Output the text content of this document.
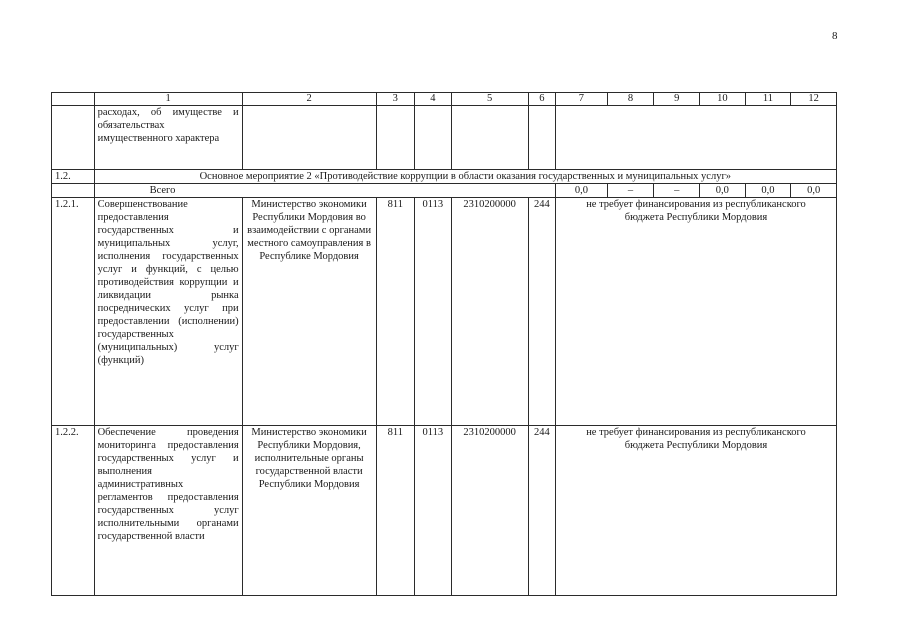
8
	1	2	3	4	5	6	7	8	9	10	11	12
	расходах, об имуществе и обязательствах имущественного характера											
1.2.	Основное мероприятие 2 «Противодействие коррупции в области оказания государственных и муниципальных услуг»											
	Всего						0,0	–	–	0,0	0,0	0,0
1.2.1.	Совершенствование предоставления государственных и муниципальных услуг, исполнения государственных услуг и функций, с целью противодействия коррупции и ликвидации рынка посреднических услуг при предоставлении (исполнении) государственных (муниципальных) услуг (функций)	Министерство экономики Республики Мордовия во взаимодействии с органами местного самоуправления в Республике Мордовия	811	0113	2310200000	244	не требует финансирования из республиканского бюджета Республики Мордовия					
1.2.2.	Обеспечение проведения мониторинга предоставления государственных услуг и выполнения административных регламентов предоставления государственных услуг исполнительными органами государственной власти	Министерство экономики Республики Мордовия, исполнительные органы государственной власти Республики Мордовия	811	0113	2310200000	244	не требует финансирования из республиканского бюджета Республики Мордовия					
